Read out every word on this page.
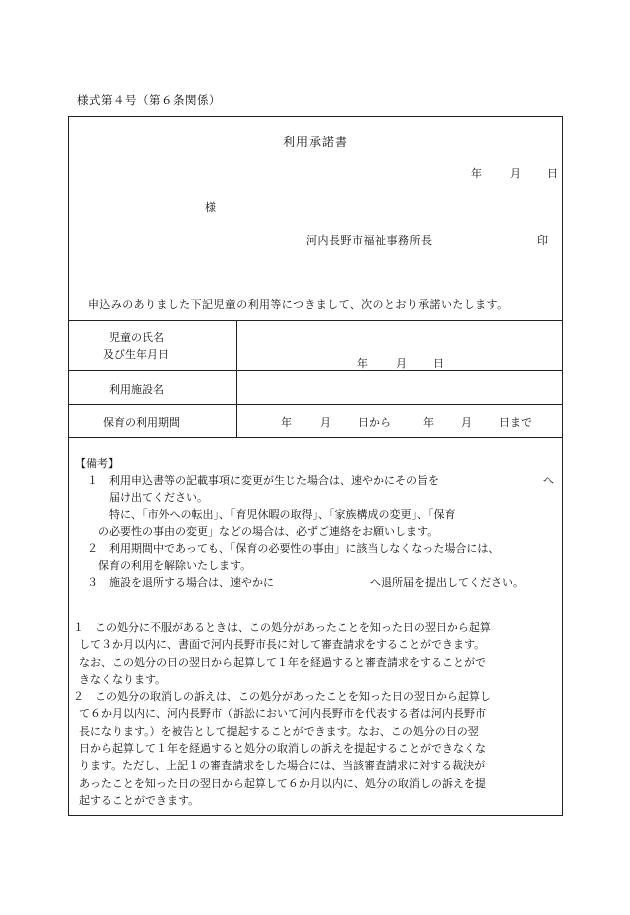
様式第４号（第６条関係）
利用承諾書
年	月 日
様
河内長野市福祉事務所長	印
申込みのありました下記児童の利用等につきまして、次のとおり承諾いたします。
児童の氏名
及び生年月日
年	月 日
利用施設名
保育の利用期間	年	月 日から	年 月 日まで
【備考】
１　利用申込書等の記載事項に変更が生じた場合は、速やかにその旨を	へ
届け出てください。
特に、「市外への転出」、「育児休暇の取得」、「家族構成の変更」、「保育
の必要性の事由の変更」などの場合は、必ずご連絡をお願いします。
２　利用期間中であっても、「保育の必要性の事由」に該当しなくなった場合には、
保育の利用を解除いたします。
３　施設を退所する場合は、速やかに	へ退所届を提出してください。
１　この処分に不服があるときは、この処分があったことを知った日の翌日から起算
して３か月以内に、書面で河内長野市長に対して審査請求をすることができます。
なお、この処分の日の翌日から起算して１年を経過すると審査請求をすることがで
きなくなります。
２　この処分の取消しの訴えは、この処分があったことを知った日の翌日から起算し
て６か月以内に、河内長野市（訴訟において河内長野市を代表する者は河内長野市
長になります。）を被告として提起することができます。なお、この処分の日の翌
日から起算して１年を経過すると処分の取消しの訴えを提起することができなくな
ります。ただし、上記１の審査請求をした場合には、当該審査請求に対する裁決が
あったことを知った日の翌日から起算して６か月以内に、処分の取消しの訴えを提
起することができます。
